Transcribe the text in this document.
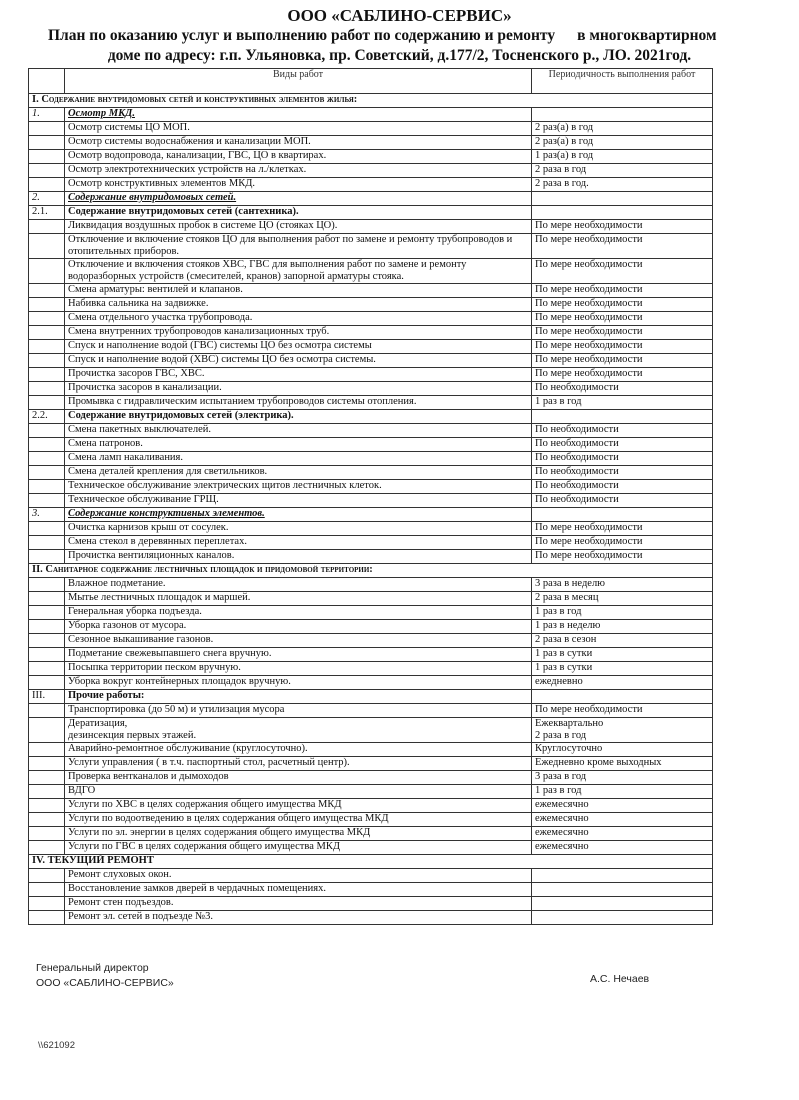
ООО «САБЛИНО-СЕРВИС»
План по оказанию услуг и выполнению работ по содержанию и ремонту в многоквартирном
доме по адресу: г.п. Ульяновка, пр. Советский, д.177/2, Тосненского р., ЛО. 2021год.
	Виды работ	Периодичность выполнения работ
I. Содержание внутридомовых сетей и конструктивных элементов жилья:		
1.	Осмотр МКД.	
	Осмотр системы ЦО МОП.	2 раз(а) в год
	Осмотр системы водоснабжения и канализации МОП.	2 раз(а) в год
	Осмотр водопровода, канализации, ГВС, ЦО в квартирах.	1 раз(а) в год
	Осмотр электротехнических устройств на л./клетках.	2 раза в год
	Осмотр конструктивных элементов МКД.	2 раза в год.
2.	Содержание внутридомовых сетей.	
2.1.	Содержание внутридомовых сетей (сантехника).	
	Ликвидация воздушных пробок в системе ЦО (стояках ЦО).	По мере необходимости
	Отключение и включение стояков ЦО для выполнения работ по замене и ремонту трубопроводов и отопительных приборов.	По мере необходимости
	Отключение и включения стояков ХВС, ГВС для выполнения работ по замене и ремонту водоразборных устройств (смесителей, кранов) запорной арматуры стояка.	По мере необходимости
	Смена арматуры: вентилей и клапанов.	По мере необходимости
	Набивка сальника на задвижке.	По мере необходимости
	Смена отдельного участка трубопровода.	По мере необходимости
	Смена внутренних трубопроводов канализационных труб.	По мере необходимости
	Спуск и наполнение водой (ГВС) системы ЦО без осмотра системы	По мере необходимости
	Спуск и наполнение водой (ХВС) системы ЦО без осмотра системы.	По мере необходимости
	Прочистка засоров ГВС, ХВС.	По мере необходимости
	Прочистка засоров в канализации.	По необходимости
	Промывка с гидравлическим испытанием трубопроводов системы отопления.	1 раз в год
2.2.	Содержание внутридомовых сетей (электрика).	
	Смена пакетных выключателей.	По необходимости
	Смена патронов.	По необходимости
	Смена ламп накаливания.	По необходимости
	Смена деталей крепления для светильников.	По необходимости
	Техническое обслуживание электрических щитов лестничных клеток.	По необходимости
	Техническое обслуживание ГРЩ.	По необходимости
3.	Содержание конструктивных элементов.	
	Очистка карнизов крыш от сосулек.	По мере необходимости
	Смена стекол в деревянных переплетах.	По мере необходимости
	Прочистка вентиляционных каналов.	По мере необходимости
II. Санитарное содержание лестничных площадок и придомовой территории:		
	Влажное подметание.	3 раза в неделю
	Мытье лестничных площадок и маршей.	2 раза в месяц
	Генеральная уборка подъезда.	1 раз в год
	Уборка газонов от мусора.	1 раз в неделю
	Сезонное выкашивание газонов.	2 раза в сезон
	Подметание свежевыпавшего снега вручную.	1 раз в сутки
	Посыпка территории песком вручную.	1 раз в сутки
	Уборка вокруг контейнерных площадок вручную.	ежедневно
III.	Прочие работы:	
	Транспортировка (до 50 м) и утилизация мусора	По мере необходимости
	Дератизация,
дезинсекция первых этажей.	Ежеквартально
2 раза в год
	Аварийно-ремонтное обслуживание (круглосуточно).	Круглосуточно
	Услуги управления ( в т.ч. паспортный стол, расчетный центр).	Ежедневно кроме выходных
	Проверка вентканалов и дымоходов	3 раза в год
	ВДГО	1 раз в год
	Услуги по ХВС в целях содержания общего имущества МКД	ежемесячно
	Услуги по водоотведению в целях содержания общего имущества МКД	ежемесячно
	Услуги по эл. энергии в целях содержания общего имущества МКД	ежемесячно
	Услуги по ГВС в целях содержания общего имущества МКД	ежемесячно
IV. ТЕКУЩИЙ РЕМОНТ		
	Ремонт слуховых окон.	
	Восстановление замков дверей в чердачных помещениях.	
	Ремонт стен подъездов.	
	Ремонт эл. сетей в подъезде №3.	
Генеральный директор
ООО «САБЛИНО-СЕРВИС»	А.С. Нечаев
\\621092
